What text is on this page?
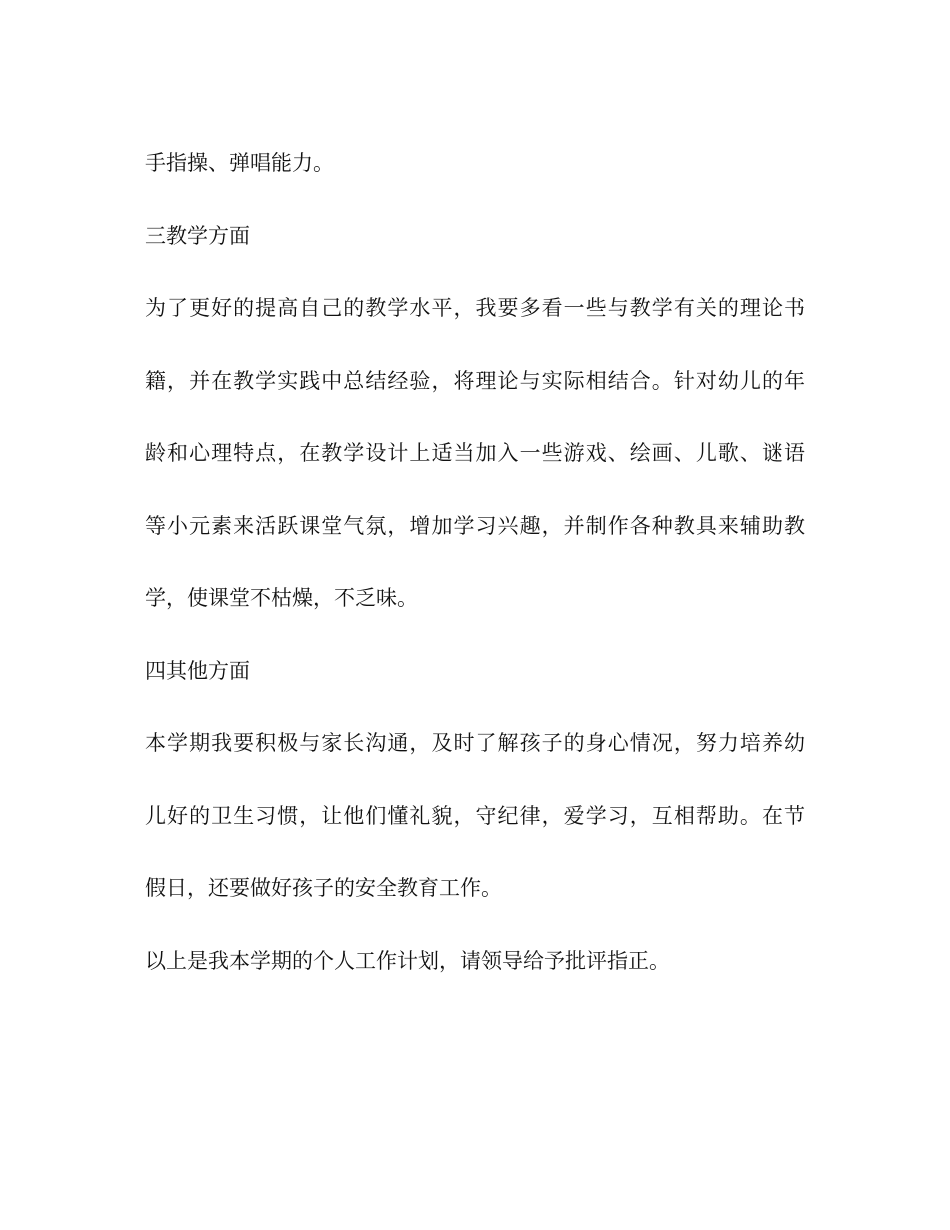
手指操、弹唱能力。
三教学方面
为了更好的提高自己的教学水平，我要多看一些与教学有关的理论书
籍，并在教学实践中总结经验，将理论与实际相结合。针对幼儿的年
龄和心理特点，在教学设计上适当加入一些游戏、绘画、儿歌、谜语
等小元素来活跃课堂气氛，增加学习兴趣，并制作各种教具来辅助教
学，使课堂不枯燥，不乏味。
四其他方面
本学期我要积极与家长沟通，及时了解孩子的身心情况，努力培养幼
儿好的卫生习惯，让他们懂礼貌，守纪律，爱学习，互相帮助。在节
假日，还要做好孩子的安全教育工作。
以上是我本学期的个人工作计划，请领导给予批评指正。
